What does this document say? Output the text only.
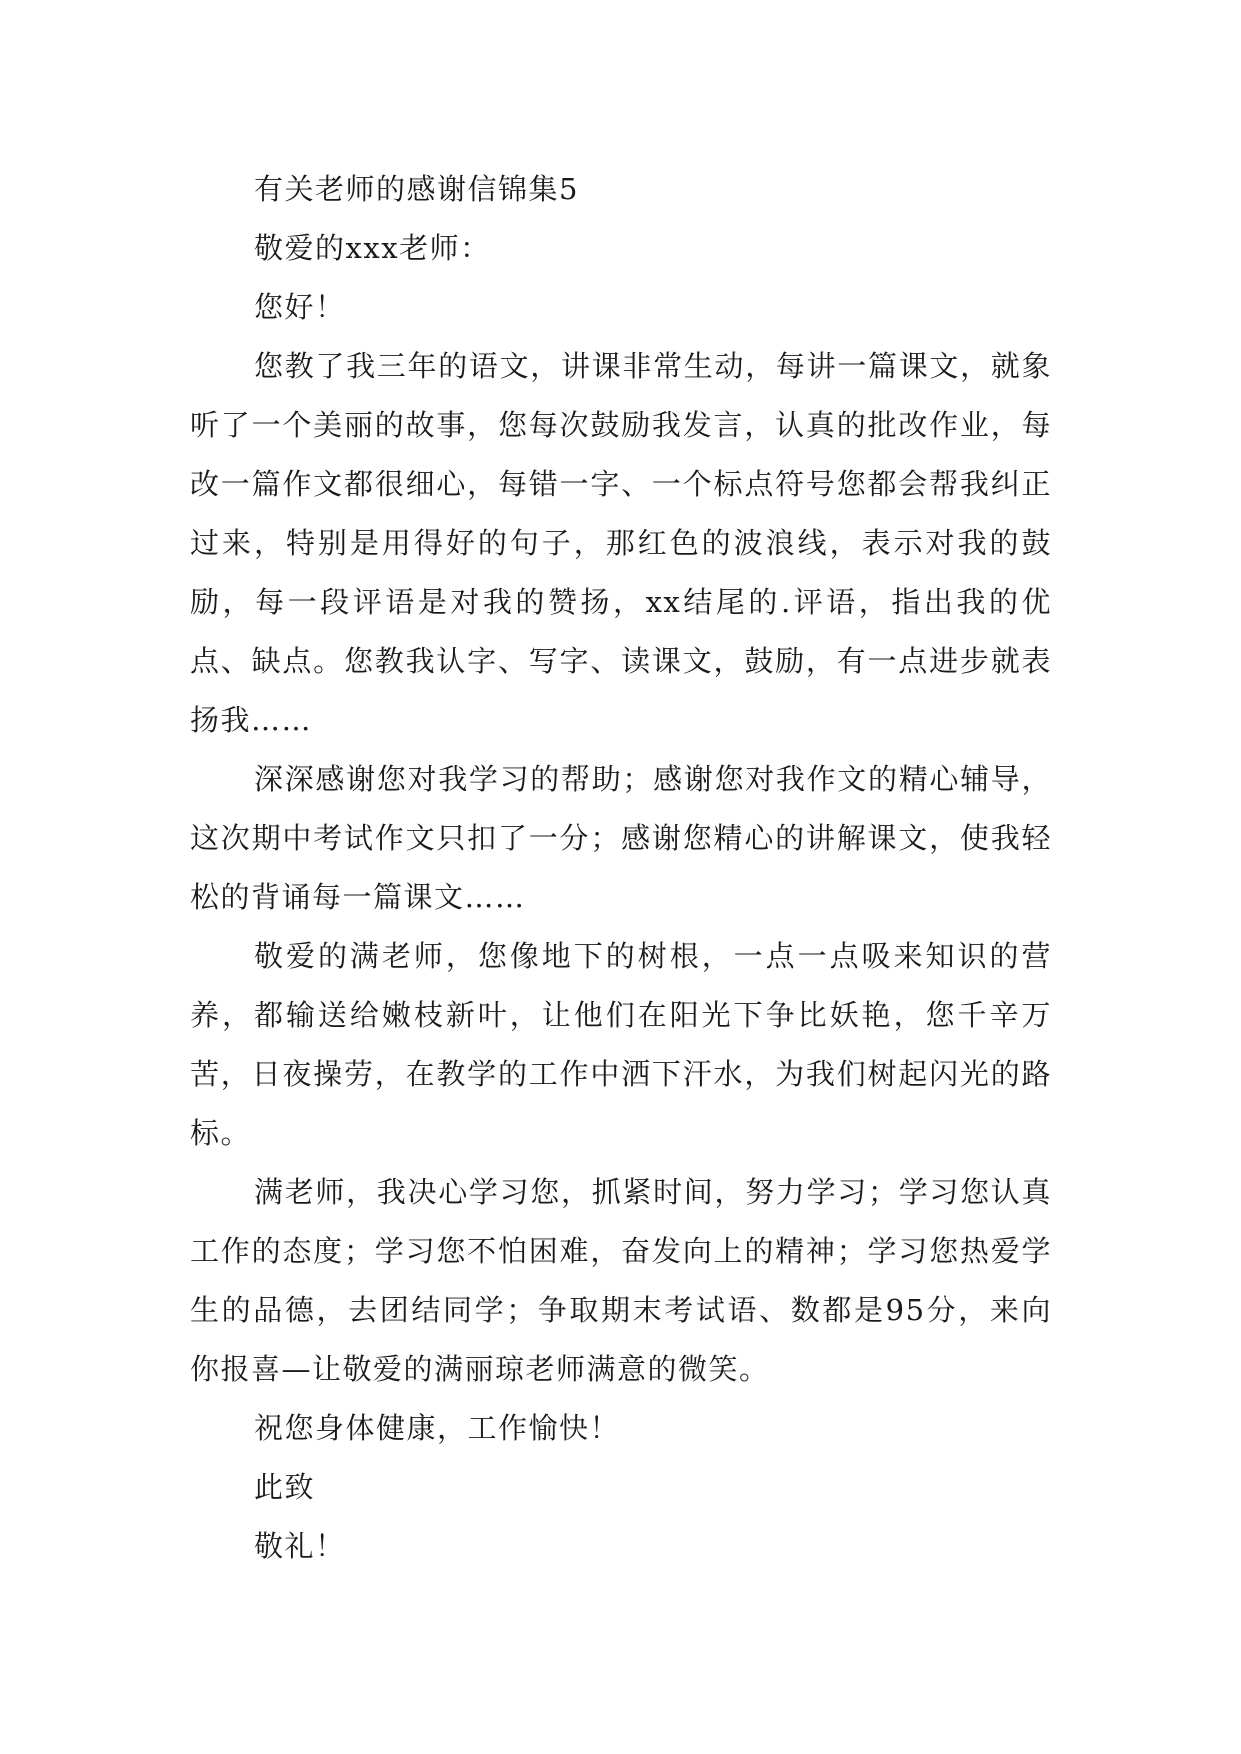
有关老师的感谢信锦集5
敬爱的xxx老师：
您好！

您教了我三年的语文，讲课非常生动，每讲一篇课文，就象听了一个美丽的故事，您每次鼓励我发言，认真的批改作业，每改一篇作文都很细心，每错一字、一个标点符号您都会帮我纠正过来，特别是用得好的句子，那红色的波浪线，表示对我的鼓励，每一段评语是对我的赞扬，xx结尾的.评语，指出我的优点、缺点。您教我认字、写字、读课文，鼓励，有一点进步就表扬我……

深深感谢您对我学习的帮助；感谢您对我作文的精心辅导，这次期中考试作文只扣了一分；感谢您精心的讲解课文，使我轻松的背诵每一篇课文……

敬爱的满老师，您像地下的树根，一点一点吸来知识的营养，都输送给嫩枝新叶，让他们在阳光下争比妖艳，您千辛万苦，日夜操劳，在教学的工作中洒下汗水，为我们树起闪光的路标。

满老师，我决心学习您，抓紧时间，努力学习；学习您认真工作的态度；学习您不怕困难，奋发向上的精神；学习您热爱学生的品德，去团结同学；争取期末考试语、数都是95分，来向你报喜—让敬爱的满丽琼老师满意的微笑。

祝您身体健康，工作愉快！
此致
敬礼！
